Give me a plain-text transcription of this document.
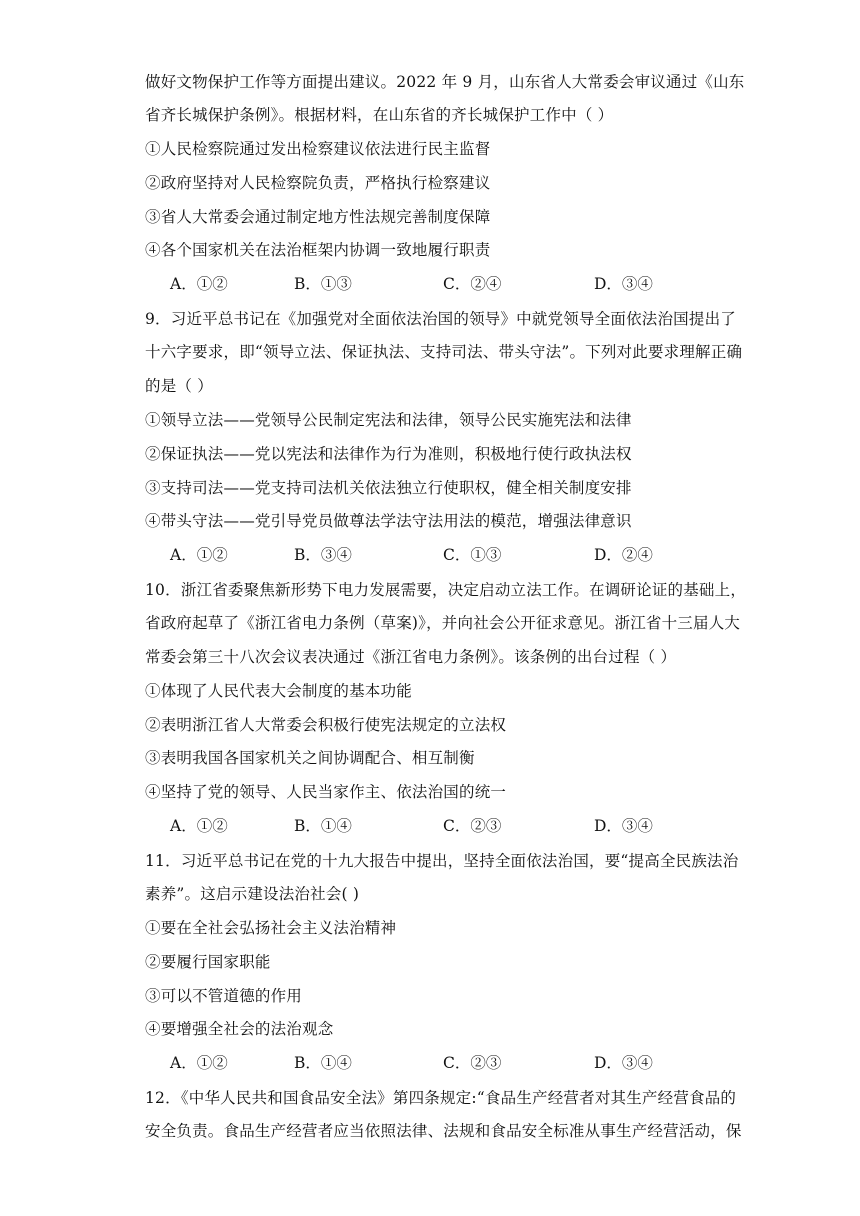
做好文物保护工作等方面提出建议。2022 年 9 月，山东省人大常委会审议通过《山东
省齐长城保护条例》。根据材料，在山东省的齐长城保护工作中（ ）
①人民检察院通过发出检察建议依法进行民主监督
②政府坚持对人民检察院负责，严格执行检察建议
③省人大常委会通过制定地方性法规完善制度保障
④各个国家机关在法治框架内协调一致地履行职责
A．①②	B．①③	C．②④	D．③④
9．习近平总书记在《加强党对全面依法治国的领导》中就党领导全面依法治国提出了
十六字要求，即“领导立法、保证执法、支持司法、带头守法”。下列对此要求理解正确
的是（ ）
①领导立法——党领导公民制定宪法和法律，领导公民实施宪法和法律
②保证执法——党以宪法和法律作为行为准则，积极地行使行政执法权
③支持司法——党支持司法机关依法独立行使职权，健全相关制度安排
④带头守法——党引导党员做尊法学法守法用法的模范，增强法律意识
A．①②	B．③④	C．①③	D．②④
10．浙江省委聚焦新形势下电力发展需要，决定启动立法工作。在调研论证的基础上，
省政府起草了《浙江省电力条例（草案)》，并向社会公开征求意见。浙江省十三届人大
常委会第三十八次会议表决通过《浙江省电力条例》。该条例的出台过程（ ）
①体现了人民代表大会制度的基本功能
②表明浙江省人大常委会积极行使宪法规定的立法权
③表明我国各国家机关之间协调配合、相互制衡
④坚持了党的领导、人民当家作主、依法治国的统一
A．①②	B．①④	C．②③	D．③④
11．习近平总书记在党的十九大报告中提出，坚持全面依法治国，要“提高全民族法治
素养”。这启示建设法治社会( )
①要在全社会弘扬社会主义法治精神
②要履行国家职能
③可以不管道德的作用
④要增强全社会的法治观念
A．①②	B．①④	C．②③	D．③④
12．《中华人民共和国食品安全法》第四条规定:“食品生产经营者对其生产经营食品的
安全负责。食品生产经营者应当依照法律、法规和食品安全标准从事生产经营活动，保
